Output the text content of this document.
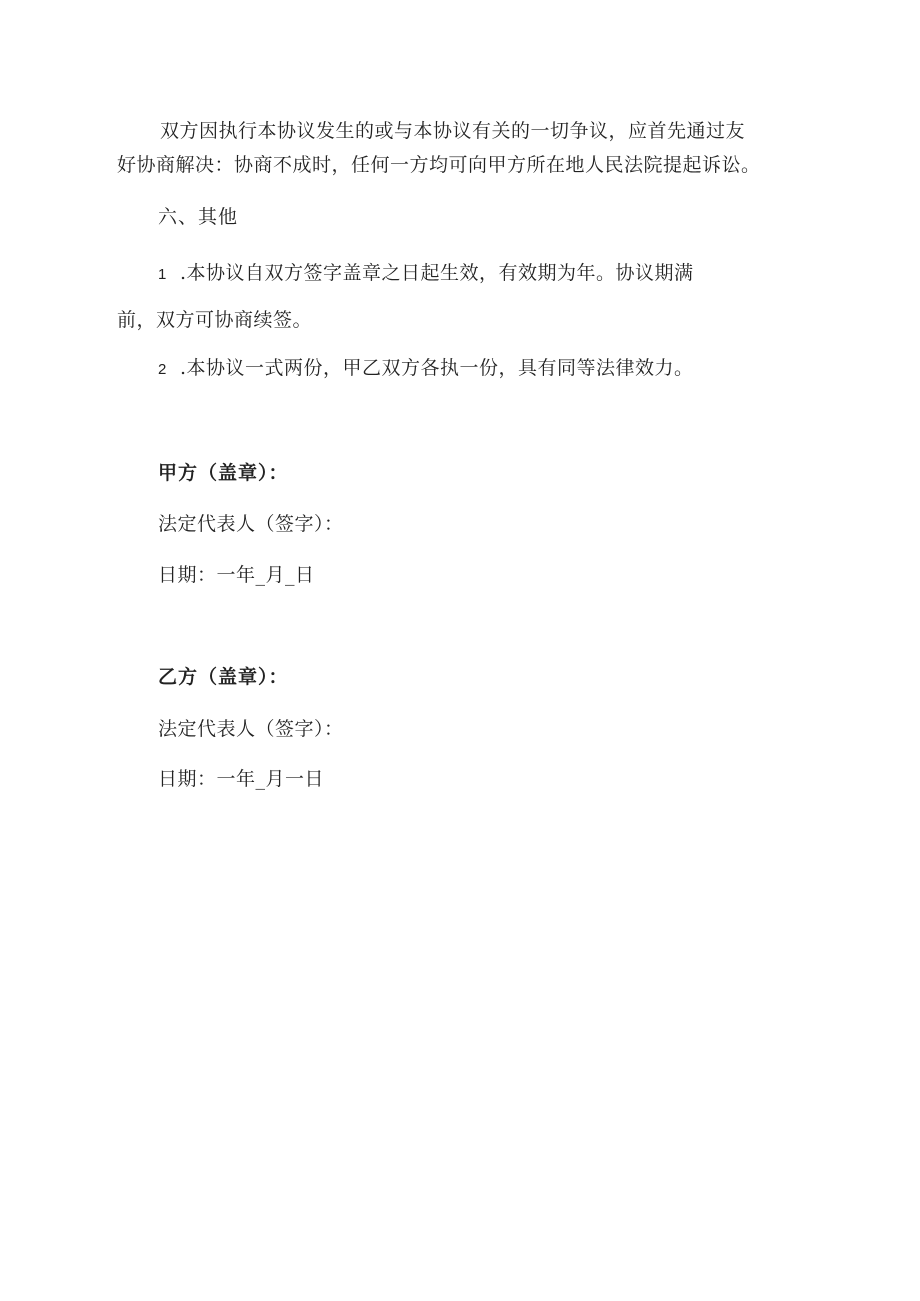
双方因执行本协议发生的或与本协议有关的一切争议，应首先通过友
好协商解决：协商不成时，任何一方均可向甲方所在地人民法院提起诉讼。
六、其他
1 .本协议自双方签字盖章之日起生效，有效期为年。协议期满
前，双方可协商续签。
2 .本协议一式两份，甲乙双方各执一份，具有同等法律效力。
甲方（盖章）：
法定代表人（签字）：
日期：一年_月_日
乙方（盖章）：
法定代表人（签字）：
日期：一年_月一日
